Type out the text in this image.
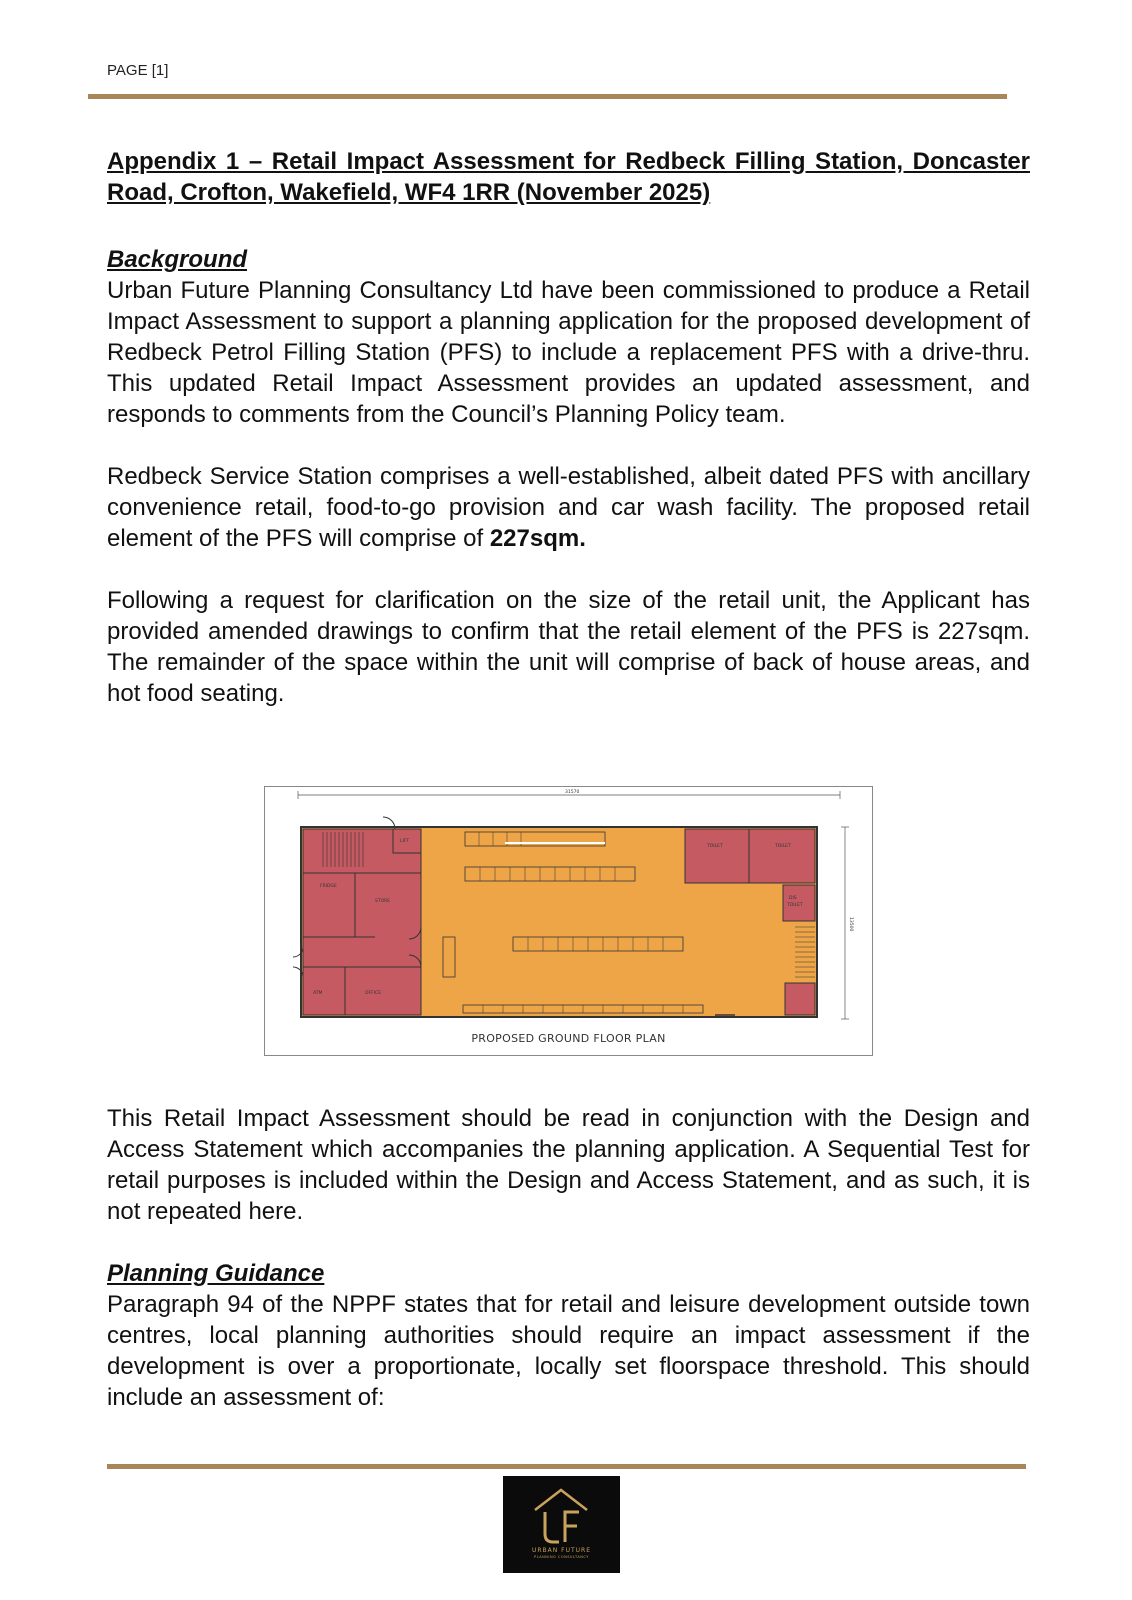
PAGE [1]

Appendix 1 – Retail Impact Assessment for Redbeck Filling Station, Doncaster Road, Crofton, Wakefield, WF4 1RR (November 2025)

Background

Urban Future Planning Consultancy Ltd have been commissioned to produce a Retail Impact Assessment to support a planning application for the proposed development of Redbeck Petrol Filling Station (PFS) to include a replacement PFS with a drive-thru. This updated Retail Impact Assessment provides an updated assessment, and responds to comments from the Council’s Planning Policy team.

Redbeck Service Station comprises a well-established, albeit dated PFS with ancillary convenience retail, food-to-go provision and car wash facility. The proposed retail element of the PFS will comprise of 227sqm.

Following a request for clarification on the size of the retail unit, the Applicant has provided amended drawings to confirm that the retail element of the PFS is 227sqm. The remainder of the space within the unit will comprise of back of house areas, and hot food seating.

31570
13500
LIFT
FRIDGE
STORE
ATM	OFFICE
TOILET	TOILET
DIS
TOILET
PROPOSED GROUND FLOOR PLAN

This Retail Impact Assessment should be read in conjunction with the Design and Access Statement which accompanies the planning application. A Sequential Test for retail purposes is included within the Design and Access Statement, and as such, it is not repeated here.

Planning Guidance

Paragraph 94 of the NPPF states that for retail and leisure development outside town centres, local planning authorities should require an impact assessment if the development is over a proportionate, locally set floorspace threshold. This should include an assessment of:

URBAN FUTURE
PLANNING CONSULTANCY
